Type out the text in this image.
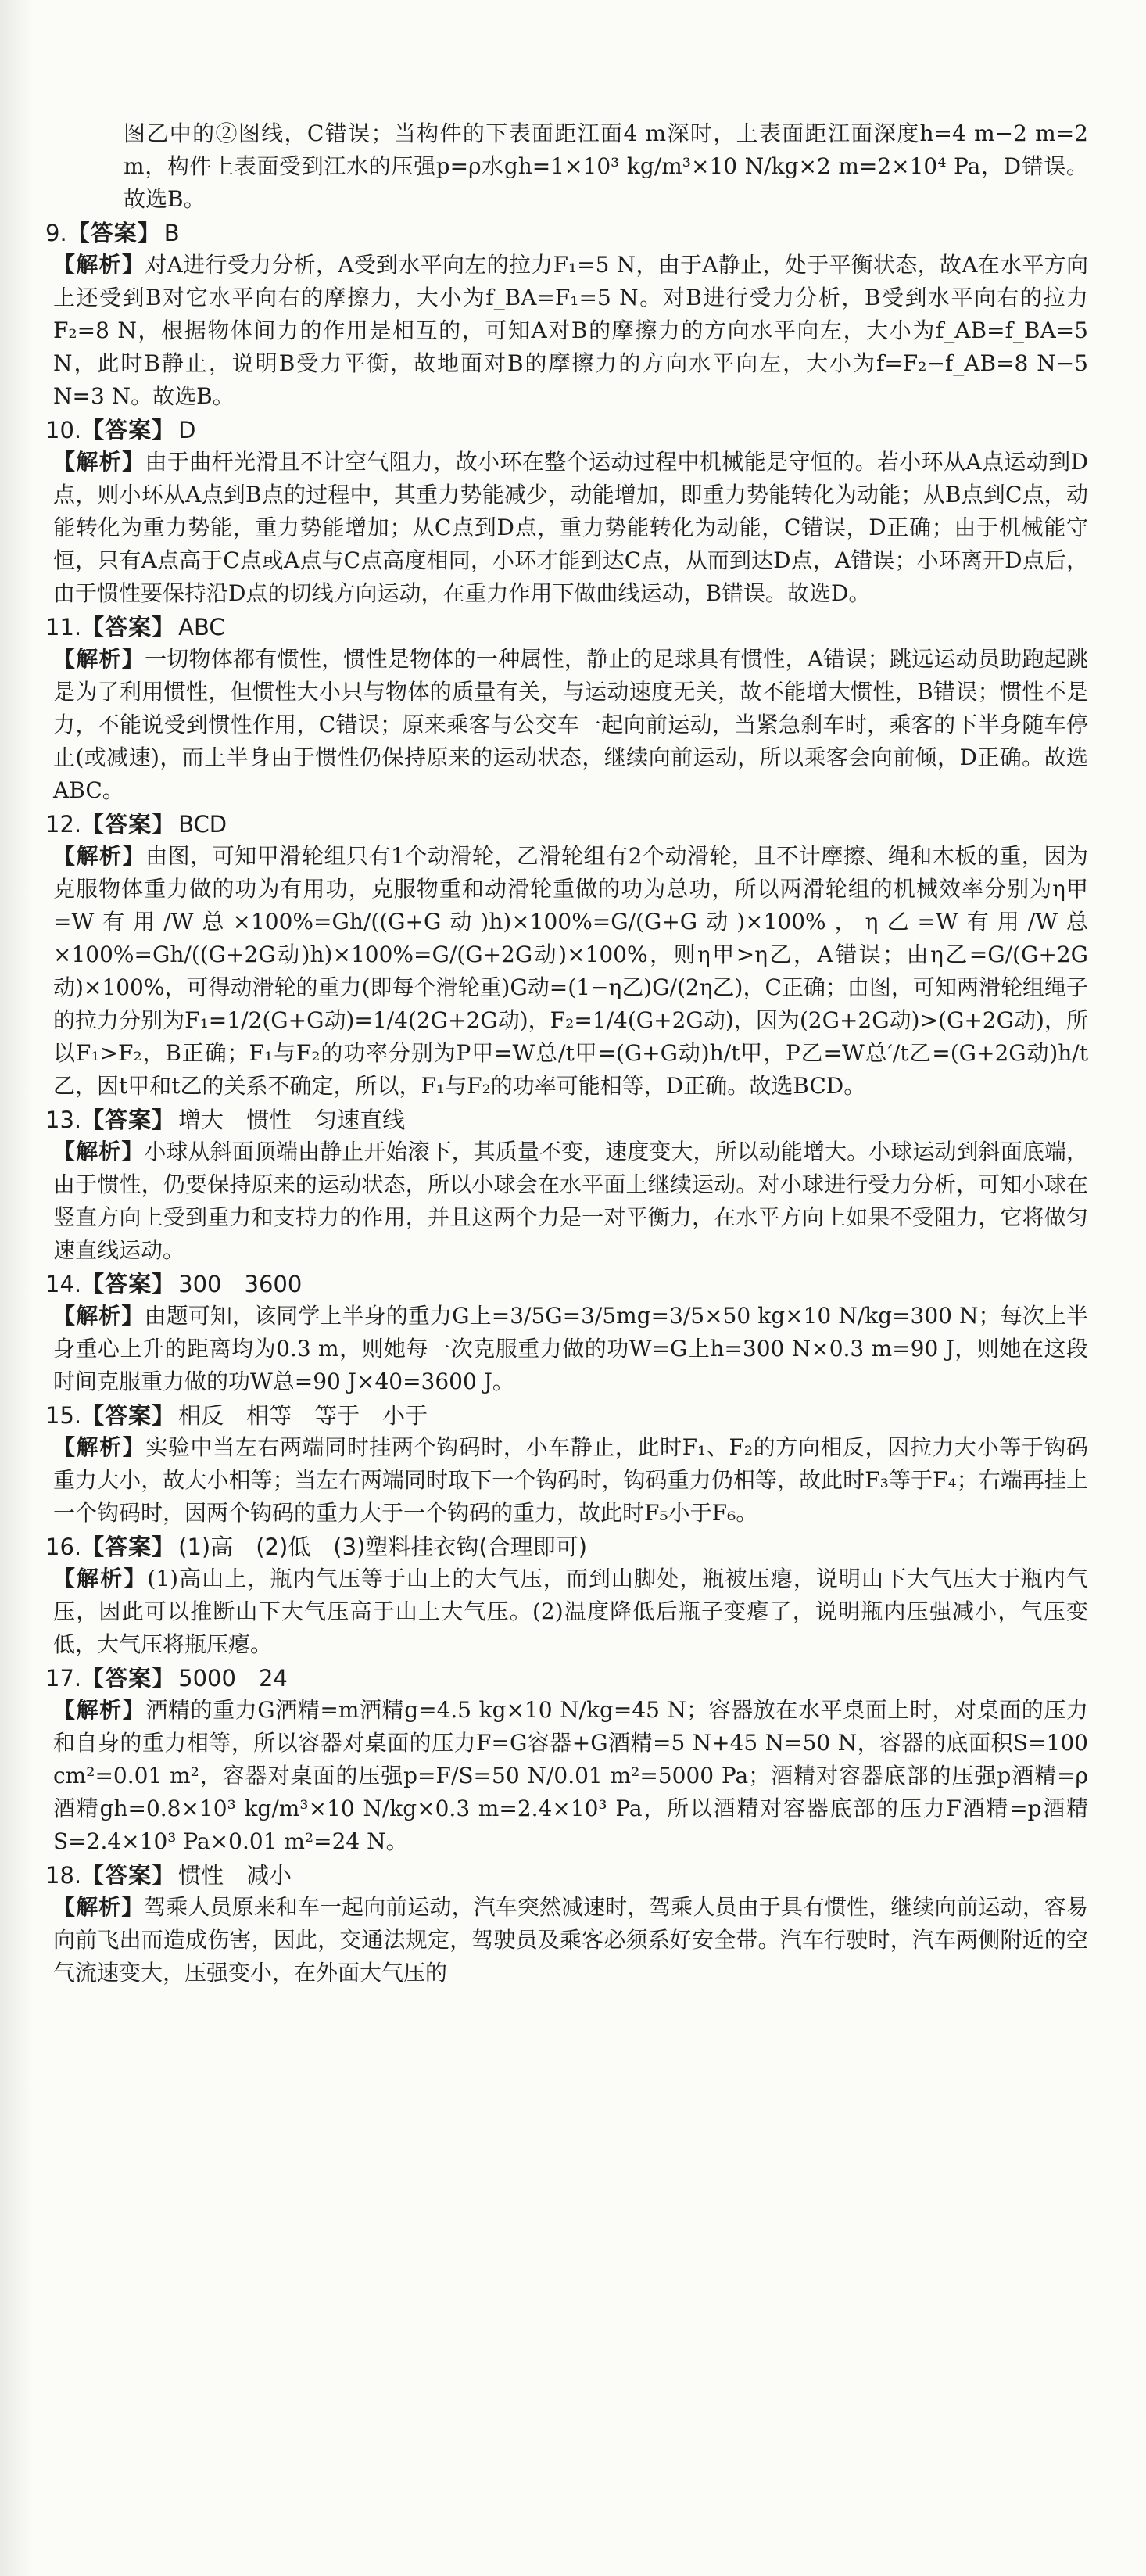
图乙中的②图线，C错误；当构件的下表面距江面4 m深时，上表面距江面深度h=4 m−2 m=2 m，构件上表面受到江水的压强p=ρ水gh=1×10³ kg/m³×10 N/kg×2 m=2×10⁴ Pa，D错误。故选B。

9.【答案】 B

【解析】对A进行受力分析，A受到水平向左的拉力F₁=5 N，由于A静止，处于平衡状态，故A在水平方向上还受到B对它水平向右的摩擦力，大小为f_BA=F₁=5 N。对B进行受力分析，B受到水平向右的拉力F₂=8 N，根据物体间力的作用是相互的，可知A对B的摩擦力的方向水平向左，大小为f_AB=f_BA=5 N，此时B静止，说明B受力平衡，故地面对B的摩擦力的方向水平向左，大小为f=F₂−f_AB=8 N−5 N=3 N。故选B。

10.【答案】 D

【解析】由于曲杆光滑且不计空气阻力，故小环在整个运动过程中机械能是守恒的。若小环从A点运动到D点，则小环从A点到B点的过程中，其重力势能减少，动能增加，即重力势能转化为动能；从B点到C点，动能转化为重力势能，重力势能增加；从C点到D点，重力势能转化为动能，C错误，D正确；由于机械能守恒，只有A点高于C点或A点与C点高度相同，小环才能到达C点，从而到达D点，A错误；小环离开D点后，由于惯性要保持沿D点的切线方向运动，在重力作用下做曲线运动，B错误。故选D。

11.【答案】 ABC

【解析】一切物体都有惯性，惯性是物体的一种属性，静止的足球具有惯性，A错误；跳远运动员助跑起跳是为了利用惯性，但惯性大小只与物体的质量有关，与运动速度无关，故不能增大惯性，B错误；惯性不是力，不能说受到惯性作用，C错误；原来乘客与公交车一起向前运动，当紧急刹车时，乘客的下半身随车停止(或减速)，而上半身由于惯性仍保持原来的运动状态，继续向前运动，所以乘客会向前倾，D正确。故选ABC。

12.【答案】 BCD

【解析】由图，可知甲滑轮组只有1个动滑轮，乙滑轮组有2个动滑轮，且不计摩擦、绳和木板的重，因为克服物体重力做的功为有用功，克服物重和动滑轮重做的功为总功，所以两滑轮组的机械效率分别为η甲=W有用/W总×100%=Gh/((G+G动)h)×100%=G/(G+G动)×100%，η乙=W有用/W总×100%=Gh/((G+2G动)h)×100%=G/(G+2G动)×100%，则η甲>η乙，A错误；由η乙=G/(G+2G动)×100%，可得动滑轮的重力(即每个滑轮重)G动=(1−η乙)G/(2η乙)，C正确；由图，可知两滑轮组绳子的拉力分别为F₁=1/2(G+G动)=1/4(2G+2G动)，F₂=1/4(G+2G动)，因为(2G+2G动)>(G+2G动)，所以F₁>F₂，B正确；F₁与F₂的功率分别为P甲=W总/t甲=(G+G动)h/t甲，P乙=W总′/t乙=(G+2G动)h/t乙，因t甲和t乙的关系不确定，所以，F₁与F₂的功率可能相等，D正确。故选BCD。

13.【答案】 增大　惯性　匀速直线

【解析】小球从斜面顶端由静止开始滚下，其质量不变，速度变大，所以动能增大。小球运动到斜面底端，由于惯性，仍要保持原来的运动状态，所以小球会在水平面上继续运动。对小球进行受力分析，可知小球在竖直方向上受到重力和支持力的作用，并且这两个力是一对平衡力，在水平方向上如果不受阻力，它将做匀速直线运动。

14.【答案】 300　3600

【解析】由题可知，该同学上半身的重力G上=3/5G=3/5mg=3/5×50 kg×10 N/kg=300 N；每次上半身重心上升的距离均为0.3 m，则她每一次克服重力做的功W=G上h=300 N×0.3 m=90 J，则她在这段时间克服重力做的功W总=90 J×40=3600 J。

15.【答案】 相反　相等　等于　小于

【解析】实验中当左右两端同时挂两个钩码时，小车静止，此时F₁、F₂的方向相反，因拉力大小等于钩码重力大小，故大小相等；当左右两端同时取下一个钩码时，钩码重力仍相等，故此时F₃等于F₄；右端再挂上一个钩码时，因两个钩码的重力大于一个钩码的重力，故此时F₅小于F₆。

16.【答案】 (1)高　(2)低　(3)塑料挂衣钩(合理即可)

【解析】(1)高山上，瓶内气压等于山上的大气压，而到山脚处，瓶被压瘪，说明山下大气压大于瓶内气压，因此可以推断山下大气压高于山上大气压。(2)温度降低后瓶子变瘪了，说明瓶内压强减小，气压变低，大气压将瓶压瘪。

17.【答案】 5000　24

【解析】酒精的重力G酒精=m酒精g=4.5 kg×10 N/kg=45 N；容器放在水平桌面上时，对桌面的压力和自身的重力相等，所以容器对桌面的压力F=G容器+G酒精=5 N+45 N=50 N，容器的底面积S=100 cm²=0.01 m²，容器对桌面的压强p=F/S=50 N/0.01 m²=5000 Pa；酒精对容器底部的压强p酒精=ρ酒精gh=0.8×10³ kg/m³×10 N/kg×0.3 m=2.4×10³ Pa，所以酒精对容器底部的压力F酒精=p酒精S=2.4×10³ Pa×0.01 m²=24 N。

18.【答案】 惯性　减小

【解析】驾乘人员原来和车一起向前运动，汽车突然减速时，驾乘人员由于具有惯性，继续向前运动，容易向前飞出而造成伤害，因此，交通法规定，驾驶员及乘客必须系好安全带。汽车行驶时，汽车两侧附近的空气流速变大，压强变小，在外面大气压的
